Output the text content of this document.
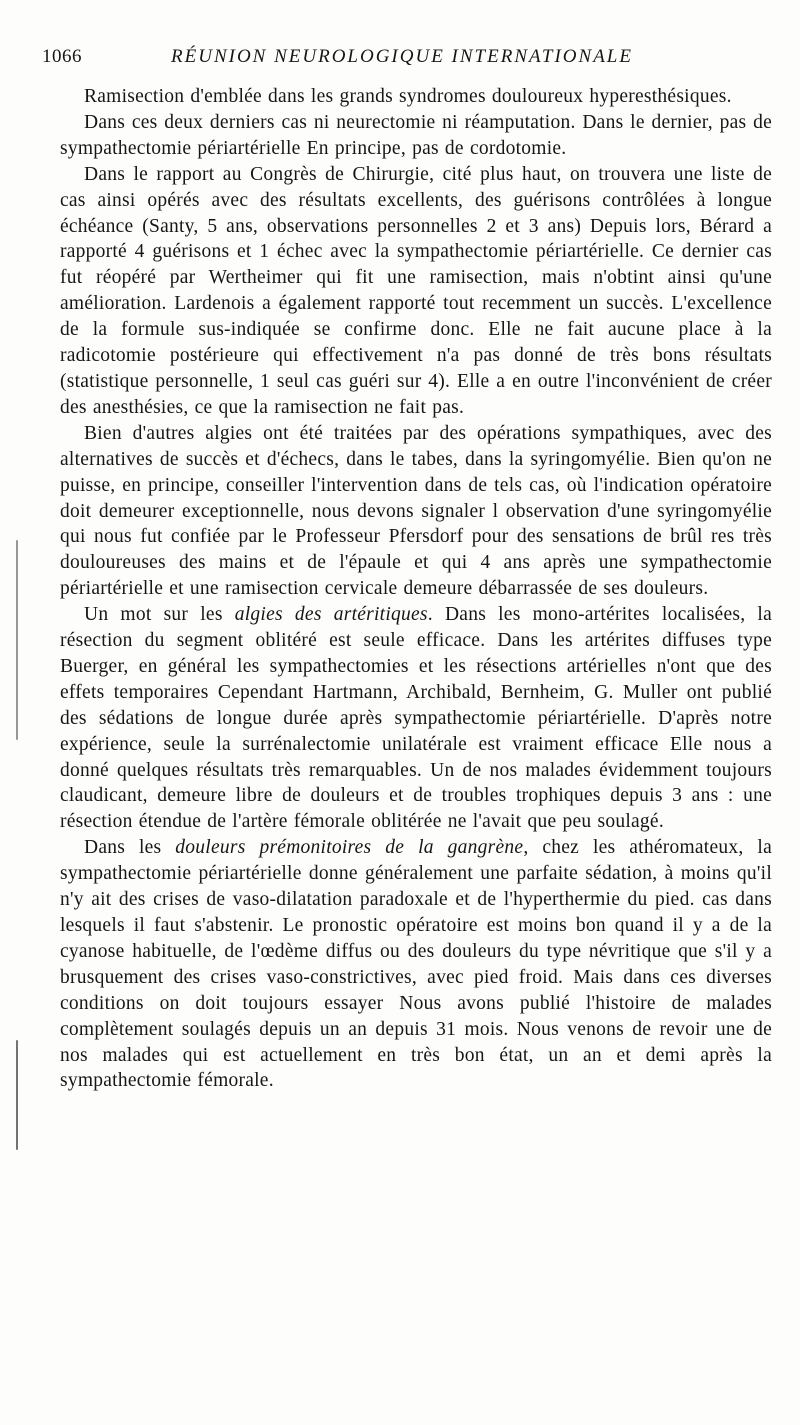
1066	RÉUNION NEUROLOGIQUE INTERNATIONALE

Ramisection d'emblée dans les grands syndromes douloureux hyperesthésiques.

Dans ces deux derniers cas ni neurectomie ni réamputation. Dans le dernier, pas de sympathectomie périartérielle En principe, pas de cordotomie.

Dans le rapport au Congrès de Chirurgie, cité plus haut, on trouvera une liste de cas ainsi opérés avec des résultats excellents, des guérisons contrôlées à longue échéance (Santy, 5 ans, observations personnelles 2 et 3 ans) Depuis lors, Bérard a rapporté 4 guérisons et 1 échec avec la sympathectomie périartérielle. Ce dernier cas fut réopéré par Wertheimer qui fit une ramisection, mais n'obtint ainsi qu'une amélioration. Lardenois a également rapporté tout recemment un succès. L'excellence de la formule sus-indiquée se confirme donc. Elle ne fait aucune place à la radicotomie postérieure qui effectivement n'a pas donné de très bons résultats (statistique personnelle, 1 seul cas guéri sur 4). Elle a en outre l'inconvénient de créer des anesthésies, ce que la ramisection ne fait pas.

Bien d'autres algies ont été traitées par des opérations sympathiques, avec des alternatives de succès et d'échecs, dans le tabes, dans la syringomyélie. Bien qu'on ne puisse, en principe, conseiller l'intervention dans de tels cas, où l'indication opératoire doit demeurer exceptionnelle, nous devons signaler l observation d'une syringomyélie qui nous fut confiée par le Professeur Pfersdorf pour des sensations de brûl res très douloureuses des mains et de l'épaule et qui 4 ans après une sympathectomie périartérielle et une ramisection cervicale demeure débarrassée de ses douleurs.

Un mot sur les algies des artéritiques. Dans les mono-artérites localisées, la résection du segment oblitéré est seule efficace. Dans les artérites diffuses type Buerger, en général les sympathectomies et les résections artérielles n'ont que des effets temporaires Cependant Hartmann, Archibald, Bernheim, G. Muller ont publié des sédations de longue durée après sympathectomie périartérielle. D'après notre expérience, seule la surrénalectomie unilatérale est vraiment efficace Elle nous a donné quelques résultats très remarquables. Un de nos malades évidemment toujours claudicant, demeure libre de douleurs et de troubles trophiques depuis 3 ans : une résection étendue de l'artère fémorale oblitérée ne l'avait que peu soulagé.

Dans les douleurs prémonitoires de la gangrène, chez les athéromateux, la sympathectomie périartérielle donne généralement une parfaite sédation, à moins qu'il n'y ait des crises de vaso-dilatation paradoxale et de l'hyperthermie du pied. cas dans lesquels il faut s'abstenir. Le pronostic opératoire est moins bon quand il y a de la cyanose habituelle, de l'œdème diffus ou des douleurs du type névritique que s'il y a brusquement des crises vaso-constrictives, avec pied froid. Mais dans ces diverses conditions on doit toujours essayer Nous avons publié l'histoire de malades complètement soulagés depuis un an depuis 31 mois. Nous venons de revoir une de nos malades qui est actuellement en très bon état, un an et demi après la sympathectomie fémorale.
